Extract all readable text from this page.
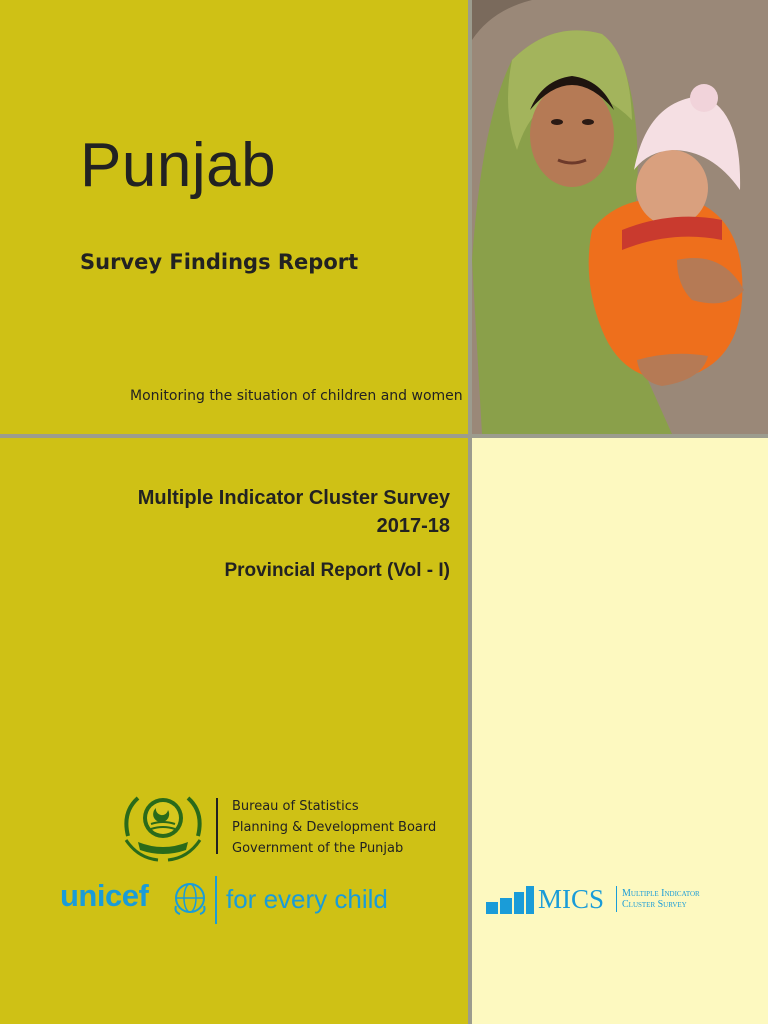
Punjab
Survey Findings Report

Monitoring the situation of children and women

Multiple Indicator Cluster Survey
2017-18

Provincial Report (Vol - I)

Bureau of Statistics
Planning & Development Board
Government of the Punjab
unicef	for every child	MICS Multiple Indicator
Cluster Survey
